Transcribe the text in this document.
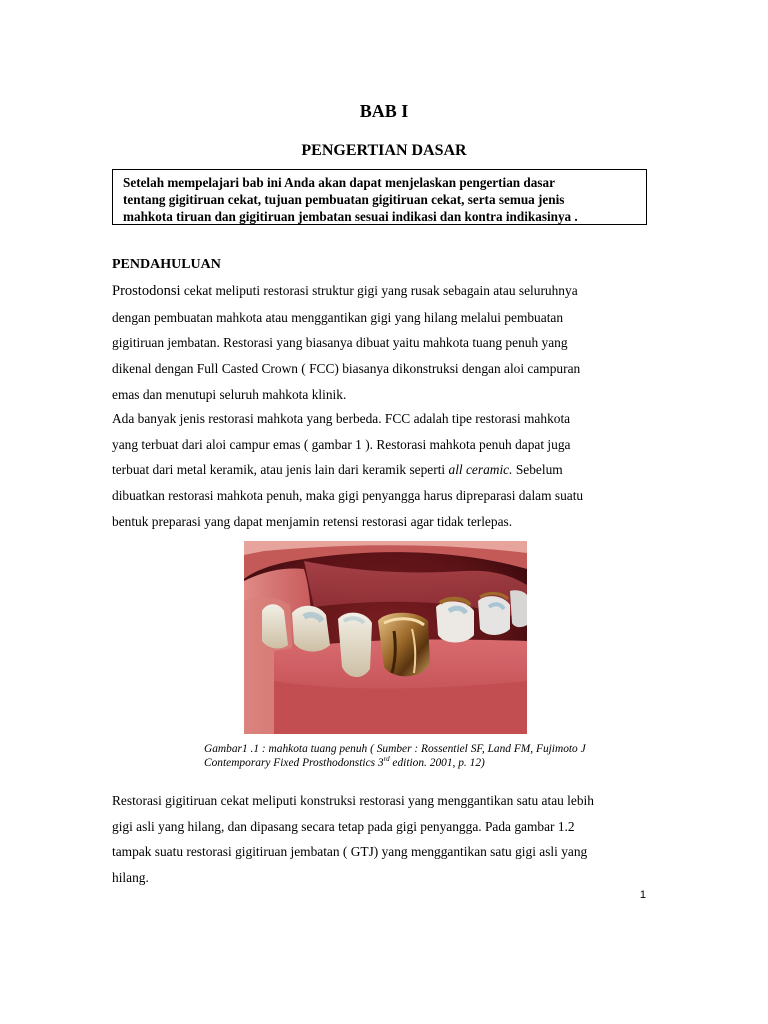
BAB I
PENGERTIAN DASAR
Setelah mempelajari bab ini Anda akan dapat menjelaskan pengertian dasar
tentang gigitiruan cekat, tujuan pembuatan gigitiruan cekat, serta semua jenis
mahkota tiruan dan gigitiruan jembatan sesuai indikasi dan kontra indikasinya .
PENDAHULUAN
Prostodonsi cekat meliputi restorasi struktur gigi yang rusak sebagain atau seluruhnya
dengan pembuatan mahkota atau menggantikan gigi yang hilang melalui pembuatan
gigitiruan jembatan. Restorasi yang biasanya dibuat yaitu mahkota tuang penuh yang
dikenal dengan Full Casted Crown ( FCC) biasanya dikonstruksi dengan aloi campuran
emas dan menutupi seluruh mahkota klinik.
Ada banyak jenis restorasi mahkota yang berbeda. FCC adalah tipe restorasi mahkota
yang terbuat dari aloi campur emas ( gambar 1 ). Restorasi mahkota penuh dapat juga
terbuat dari metal keramik, atau jenis lain dari keramik seperti all ceramic. Sebelum
dibuatkan restorasi mahkota penuh, maka gigi penyangga harus dipreparasi dalam suatu
bentuk preparasi yang dapat menjamin retensi restorasi agar tidak terlepas.
Gambar1 .1 : mahkota tuang penuh ( Sumber : Rossentiel SF, Land FM, Fujimoto J
Contemporary Fixed Prosthodonstics 3rd edition. 2001, p. 12)
Restorasi gigitiruan cekat meliputi konstruksi restorasi yang menggantikan satu atau lebih
gigi asli yang hilang, dan dipasang secara tetap pada gigi penyangga. Pada gambar 1.2
tampak suatu restorasi gigitiruan jembatan ( GTJ) yang menggantikan satu gigi asli yang
hilang.
1
